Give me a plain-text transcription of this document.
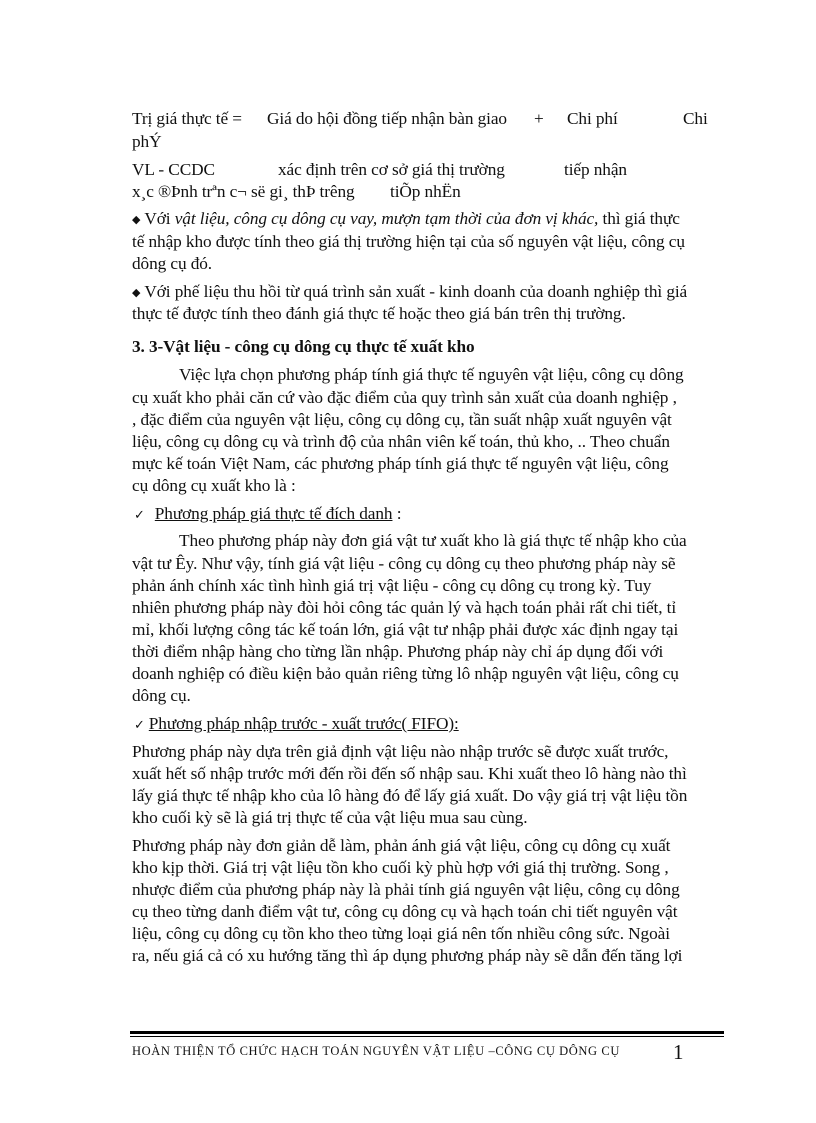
Trị giá thực tế = Giá do hội đồng tiếp nhận bàn giao + Chi phí	Chi
phÝ
VL - CCDC	xác định trên cơ sở giá thị trường	tiếp nhận
x¸c ®Þnh trªn c¬ së gi¸ thÞ trêng tiÕp nhËn
◆ Với vật liệu, công cụ dông cụ vay, mượn tạm thời của đơn vị khác, thì giá thực
tế nhập kho được tính theo giá thị trường hiện tại của số nguyên vật liệu, công cụ
dông cụ đó.
◆ Với phế liệu thu hồi từ quá trình sản xuất - kinh doanh của doanh nghiệp thì giá
thực tế được tính theo đánh giá thực tế hoặc theo giá bán trên thị trường.
3. 3-Vật liệu - công cụ dông cụ thực tế xuất kho
Việc lựa chọn phương pháp tính giá thực tế nguyên vật liệu, công cụ dông
cụ xuất kho phải căn cứ vào đặc điểm của quy trình sản xuất của doanh nghiệp ,
, đặc điểm của nguyên vật liệu, công cụ dông cụ, tần suất nhập xuất nguyên vật
liệu, công cụ dông cụ và trình độ của nhân viên kế toán, thủ kho, .. Theo chuẩn
mực kế toán Việt Nam, các phương pháp tính giá thực tế nguyên vật liệu, công
cụ dông cụ xuất kho là :
✓ Phương pháp giá thực tế đích danh :
Theo phương pháp này đơn giá vật tư xuất kho là giá thực tế nhập kho của
vật tư Êy. Như vậy, tính giá vật liệu - công cụ dông cụ theo phương pháp này sẽ
phản ánh chính xác tình hình giá trị vật liệu - công cụ dông cụ trong kỳ. Tuy
nhiên phương pháp này đòi hỏi công tác quản lý và hạch toán phải rất chi tiết, tỉ
mỉ, khối lượng công tác kế toán lớn, giá vật tư nhập phải được xác định ngay tại
thời điểm nhập hàng cho từng lần nhập. Phương pháp này chỉ áp dụng đối với
doanh nghiệp có điều kiện bảo quản riêng từng lô nhập nguyên vật liệu, công cụ
dông cụ.
✓ Phương pháp nhập trước - xuất trước( FIFO):
Phương pháp này dựa trên giả định vật liệu nào nhập trước sẽ được xuất trước,
xuất hết số nhập trước mới đến rồi đến số nhập sau. Khi xuất theo lô hàng nào thì
lấy giá thực tế nhập kho của lô hàng đó để lấy giá xuất. Do vậy giá trị vật liệu tồn
kho cuối kỳ sẽ là giá trị thực tế của vật liệu mua sau cùng.
Phương pháp này đơn giản dễ làm, phản ánh giá vật liệu, công cụ dông cụ xuất
kho kịp thời. Giá trị vật liệu tồn kho cuối kỳ phù hợp với giá thị trường. Song ,
nhược điểm của phương pháp này là phải tính giá nguyên vật liệu, công cụ dông
cụ theo từng danh điểm vật tư, công cụ dông cụ và hạch toán chi tiết nguyên vật
liệu, công cụ dông cụ tồn kho theo từng loại giá nên tốn nhiều công sức. Ngoài
ra, nếu giá cả có xu hướng tăng thì áp dụng phương pháp này sẽ dẫn đến tăng lợi
HOÀN THIỆN TỔ CHỨC HẠCH TOÁN NGUYÊN VẬT LIỆU –CÔNG CỤ DÔNG CỤ	1
